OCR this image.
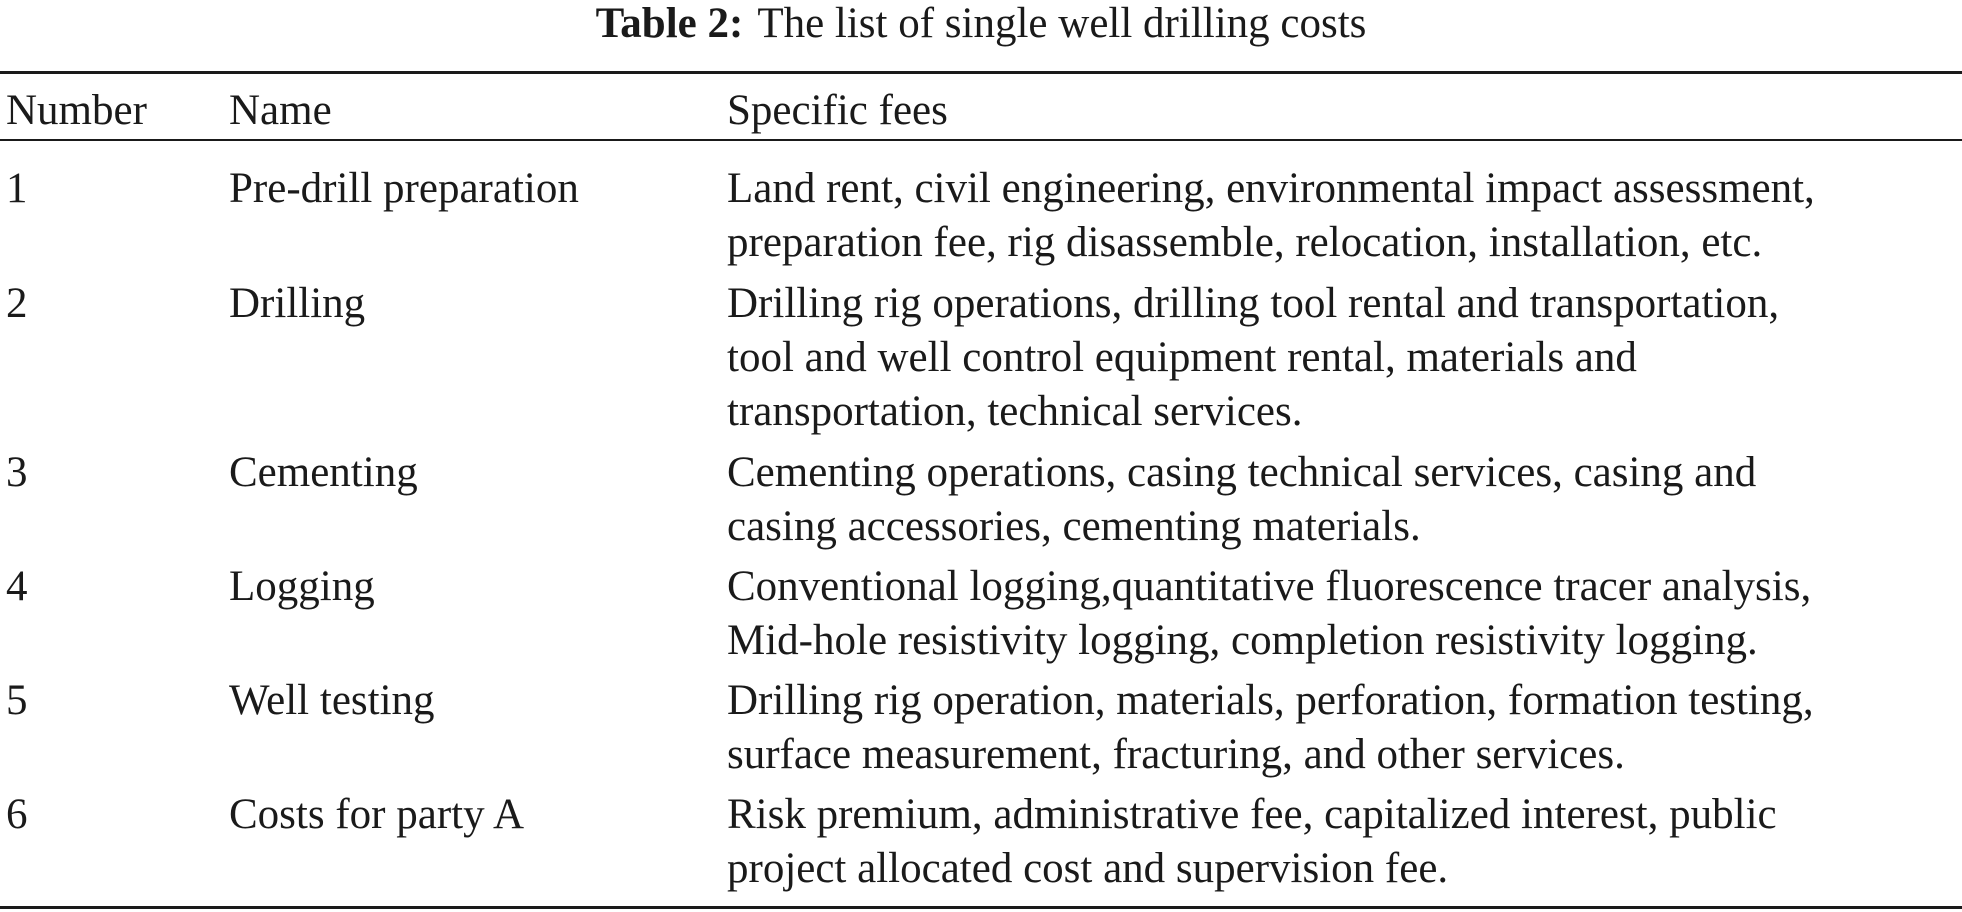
Table 2: The list of single well drilling costs
Number Name	Specific fees
1	Pre-drill preparation	Land rent, civil engineering, environmental impact assessment,
preparation fee, rig disassemble, relocation, installation, etc.
2	Drilling	Drilling rig operations, drilling tool rental and transportation,
tool and well control equipment rental, materials and
transportation, technical services.
3	Cementing	Cementing operations, casing technical services, casing and
casing accessories, cementing materials.
4	Logging	Conventional logging,quantitative fluorescence tracer analysis,
Mid-hole resistivity logging, completion resistivity logging.
5	Well testing	Drilling rig operation, materials, perforation, formation testing,
surface measurement, fracturing, and other services.
6	Costs for party A	Risk premium, administrative fee, capitalized interest, public
project allocated cost and supervision fee.
